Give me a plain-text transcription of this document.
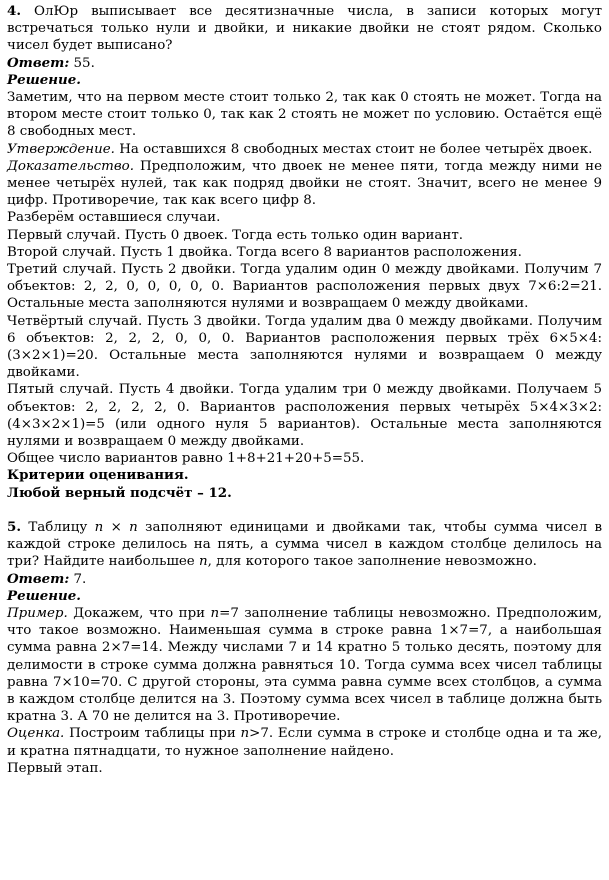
4. ОлЮр выписывает все десятизначные числа, в записи которых могут встречаться только нули и двойки, и никакие двойки не стоят рядом. Сколько чисел будет выписано?

Ответ: 55.

Решение.

Заметим, что на первом месте стоит только 2, так как 0 стоять не может. Тогда на втором месте стоит только 0, так как 2 стоять не может по условию. Остаётся ещё 8 свободных мест.

Утверждение. На оставшихся 8 свободных местах стоит не более четырёх двоек.

Доказательство. Предположим, что двоек не менее пяти, тогда между ними не менее четырёх нулей, так как подряд двойки не стоят. Значит, всего не менее 9 цифр. Противоречие, так как всего цифр 8.

Разберём оставшиеся случаи.

Первый случай. Пусть 0 двоек. Тогда есть только один вариант.

Второй случай. Пусть 1 двойка. Тогда всего 8 вариантов расположения.

Третий случай. Пусть 2 двойки. Тогда удалим один 0 между двойками. Получим 7 объектов: 2, 2, 0, 0, 0, 0, 0. Вариантов расположения первых двух 7×6:2=21. Остальные места заполняются нулями и возвращаем 0 между двойками.

Четвёртый случай. Пусть 3 двойки. Тогда удалим два 0 между двойками. Получим 6 объектов: 2, 2, 2, 0, 0, 0. Вариантов расположения первых трёх 6×5×4:(3×2×1)=20. Остальные места заполняются нулями и возвращаем 0 между двойками.

Пятый случай. Пусть 4 двойки. Тогда удалим три 0 между двойками. Получаем 5 объектов: 2, 2, 2, 2, 0. Вариантов расположения первых четырёх 5×4×3×2:(4×3×2×1)=5 (или одного нуля 5 вариантов). Остальные места заполняются нулями и возвращаем 0 между двойками.

Общее число вариантов равно 1+8+21+20+5=55.

Критерии оценивания.

Любой верный подсчёт – 12.

5. Таблицу n × n заполняют единицами и двойками так, чтобы сумма чисел в каждой строке делилось на пять, а сумма чисел в каждом столбце делилось на три? Найдите наибольшее n, для которого такое заполнение невозможно.

Ответ: 7.

Решение.

Пример. Докажем, что при n=7 заполнение таблицы невозможно. Предположим, что такое возможно. Наименьшая сумма в строке равна 1×7=7, а наибольшая сумма равна 2×7=14. Между числами 7 и 14 кратно 5 только десять, поэтому для делимости в строке сумма должна равняться 10. Тогда сумма всех чисел таблицы равна 7×10=70. С другой стороны, эта сумма равна сумме всех столбцов, а сумма в каждом столбце делится на 3. Поэтому сумма всех чисел в таблице должна быть кратна 3. А 70 не делится на 3. Противоречие.

Оценка. Построим таблицы при n>7. Если сумма в строке и столбце одна и та же, и кратна пятнадцати, то нужное заполнение найдено.

Первый этап.
